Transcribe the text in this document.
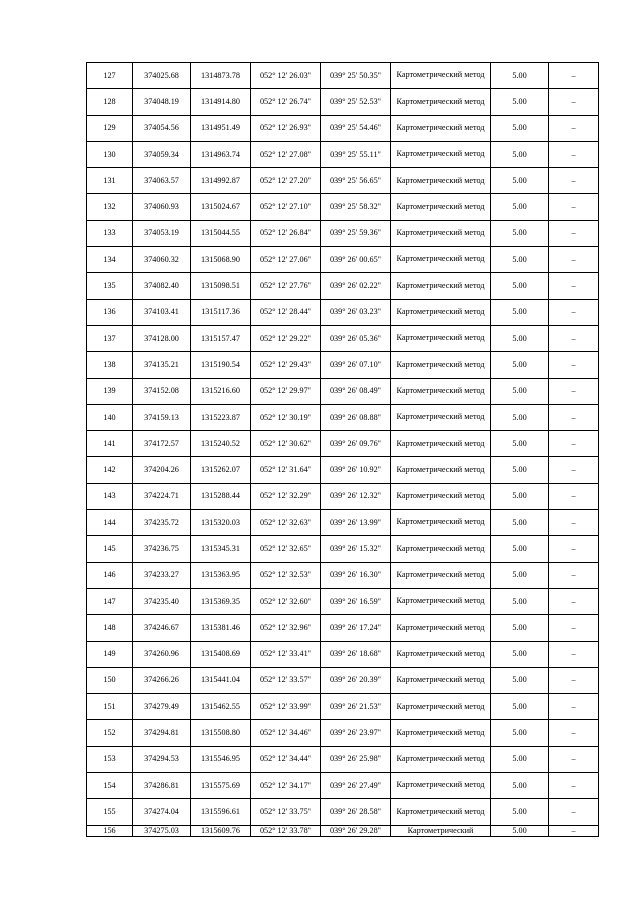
127	374025.68	1314873.78	052° 12' 26.03"	039° 25' 50.35"	Картометрический метод	5.00	–
128	374048.19	1314914.80	052° 12' 26.74"	039° 25' 52.53"	Картометрический метод	5.00	–
129	374054.56	1314951.49	052° 12' 26.93"	039° 25' 54.46"	Картометрический метод	5.00	–
130	374059.34	1314963.74	052° 12' 27.08"	039° 25' 55.11"	Картометрический метод	5.00	–
131	374063.57	1314992.87	052° 12' 27.20"	039° 25' 56.65"	Картометрический метод	5.00	–
132	374060.93	1315024.67	052° 12' 27.10"	039° 25' 58.32"	Картометрический метод	5.00	–
133	374053.19	1315044.55	052° 12' 26.84"	039° 25' 59.36"	Картометрический метод	5.00	–
134	374060.32	1315068.90	052° 12' 27.06"	039° 26' 00.65"	Картометрический метод	5.00	–
135	374082.40	1315098.51	052° 12' 27.76"	039° 26' 02.22"	Картометрический метод	5.00	–
136	374103.41	1315117.36	052° 12' 28.44"	039° 26' 03.23"	Картометрический метод	5.00	–
137	374128.00	1315157.47	052° 12' 29.22"	039° 26' 05.36"	Картометрический метод	5.00	–
138	374135.21	1315190.54	052° 12' 29.43"	039° 26' 07.10"	Картометрический метод	5.00	–
139	374152.08	1315216.60	052° 12' 29.97"	039° 26' 08.49"	Картометрический метод	5.00	–
140	374159.13	1315223.87	052° 12' 30.19"	039° 26' 08.88"	Картометрический метод	5.00	–
141	374172.57	1315240.52	052° 12' 30.62"	039° 26' 09.76"	Картометрический метод	5.00	–
142	374204.26	1315262.07	052° 12' 31.64"	039° 26' 10.92"	Картометрический метод	5.00	–
143	374224.71	1315288.44	052° 12' 32.29"	039° 26' 12.32"	Картометрический метод	5.00	–
144	374235.72	1315320.03	052° 12' 32.63"	039° 26' 13.99"	Картометрический метод	5.00	–
145	374236.75	1315345.31	052° 12' 32.65"	039° 26' 15.32"	Картометрический метод	5.00	–
146	374233.27	1315363.95	052° 12' 32.53"	039° 26' 16.30"	Картометрический метод	5.00	–
147	374235.40	1315369.35	052° 12' 32.60"	039° 26' 16.59"	Картометрический метод	5.00	–
148	374246.67	1315381.46	052° 12' 32.96"	039° 26' 17.24"	Картометрический метод	5.00	–
149	374260.96	1315408.69	052° 12' 33.41"	039° 26' 18.68"	Картометрический метод	5.00	–
150	374266.26	1315441.04	052° 12' 33.57"	039° 26' 20.39"	Картометрический метод	5.00	–
151	374279.49	1315462.55	052° 12' 33.99"	039° 26' 21.53"	Картометрический метод	5.00	–
152	374294.81	1315508.80	052° 12' 34.46"	039° 26' 23.97"	Картометрический метод	5.00	–
153	374294.53	1315546.95	052° 12' 34.44"	039° 26' 25.98"	Картометрический метод	5.00	–
154	374286.81	1315575.69	052° 12' 34.17"	039° 26' 27.49"	Картометрический метод	5.00	–
155	374274.04	1315596.61	052° 12' 33.75"	039° 26' 28.58"	Картометрический метод	5.00	–
156	374275.03	1315609.76	052° 12' 33.78"	039° 26' 29.28"	Картометрический	5.00	–
